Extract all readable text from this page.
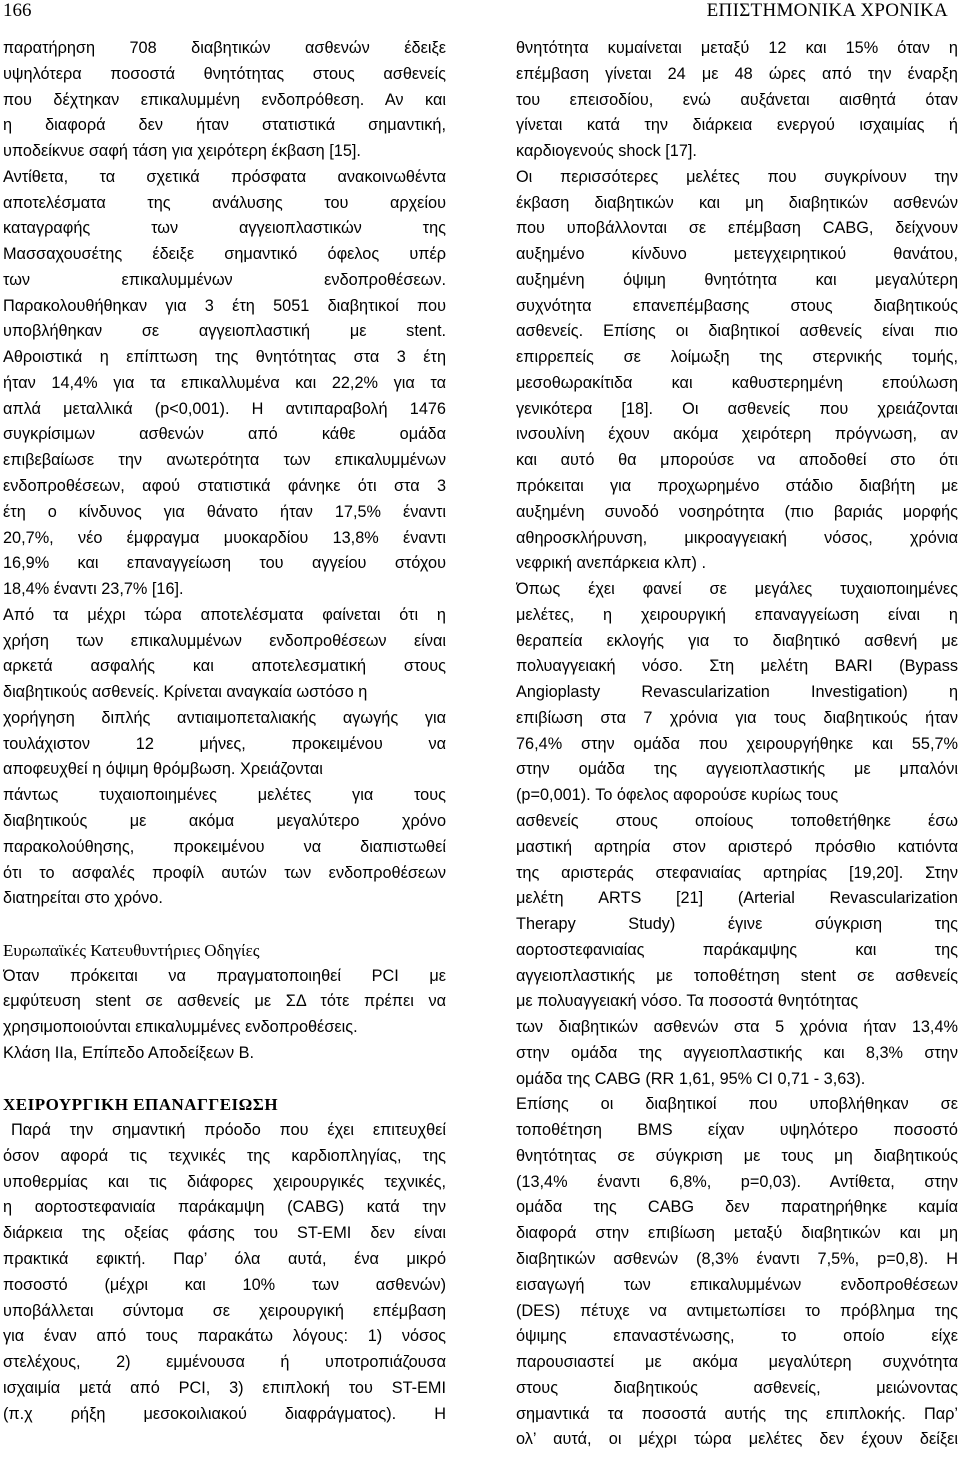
166	ΕΠΙΣΤΗΜΟΝΙΚΑ ΧΡΟΝΙΚΑ
παρατήρηση 708 διαβητικών ασθενών έδειξε
υψηλότερα ποσοστά θνητότητας στους ασθενείς
που δέχτηκαν επικαλυμμένη ενδοπρόθεση. Αν και
η διαφορά δεν ήταν στατιστικά σημαντική,
υποδείκνυε σαφή τάση για χειρότερη έκβαση [15].
Αντίθετα, τα σχετικά πρόσφατα ανακοινωθέντα
αποτελέσματα της ανάλυσης του αρχείου
καταγραφής των αγγειοπλαστικών της
Μασσαχουσέτης έδειξε σημαντικό όφελος υπέρ
των επικαλυμμένων ενδοπροθέσεων.
Παρακολουθήθηκαν για 3 έτη 5051 διαβητικοί που
υποβλήθηκαν σε αγγειοπλαστική με stent.
Αθροιστικά η επίπτωση της θνητότητας στα 3 έτη
ήταν 14,4% για τα επικαλλυμένα και 22,2% για τα
απλά μεταλλικά (p<0,001). Η αντιπαραβολή 1476
συγκρίσιμων ασθενών από κάθε ομάδα
επιβεβαίωσε την ανωτερότητα των επικαλυμμένων
ενδοπροθέσεων, αφού στατιστικά φάνηκε ότι στα 3
έτη ο κίνδυνος για θάνατο ήταν 17,5% έναντι
20,7%, νέο έμφραγμα μυοκαρδίου 13,8% έναντι
16,9% και επαναγγείωση του αγγείου στόχου
18,4% έναντι 23,7% [16].
Από τα μέχρι τώρα αποτελέσματα φαίνεται ότι η
χρήση των επικαλυμμένων ενδοπροθέσεων είναι
αρκετά ασφαλής και αποτελεσματική στους
διαβητικούς ασθενείς. Κρίνεται αναγκαία ωστόσο η
χορήγηση διπλής αντιαιμοπεταλιακής αγωγής για
τουλάχιστον 12 μήνες, προκειμένου να
αποφευχθεί η όψιμη θρόμβωση. Χρειάζονται
πάντως τυχαιοποιημένες μελέτες για τους
διαβητικούς με ακόμα μεγαλύτερο χρόνο
παρακολούθησης, προκειμένου να διαπιστωθεί
ότι το ασφαλές προφίλ αυτών των ενδοπροθέσεων
διατηρείται στο χρόνο.
Ευρωπαϊκές Κατευθυντήριες Οδηγίες
Όταν πρόκειται να πραγματοποιηθεί PCI με
εμφύτευση stent σε ασθενείς με ΣΔ τότε πρέπει να
χρησιμοποιούνται επικαλυμμένες ενδοπροθέσεις.
Κλάση IIa, Επίπεδο Αποδείξεων B.
ΧΕΙΡΟΥΡΓΙΚΗ ΕΠΑΝΑΓΓΕΙΩΣΗ
Παρά την σημαντική πρόοδο που έχει επιτευχθεί
όσον αφορά τις τεχνικές της καρδιοπληγίας, της
υποθερμίας και τις διάφορες χειρουργικές τεχνικές,
η αορτοστεφανιαία παράκαμψη (CABG) κατά την
διάρκεια της οξείας φάσης του ST-EMI δεν είναι
πρακτικά εφικτή. Παρ’ όλα αυτά, ένα μικρό
ποσοστό (μέχρι και 10% των ασθενών)
υποβάλλεται σύντομα σε χειρουργική επέμβαση
για έναν από τους παρακάτω λόγους: 1) νόσος
στελέχους, 2) εμμένουσα ή υποτροπιάζουσα
ισχαιμία μετά από PCI, 3) επιπλοκή του ST-EMI
(π.χ ρήξη μεσοκοιλιακού διαφράγματος). Η
θνητότητα κυμαίνεται μεταξύ 12 και 15% όταν η
επέμβαση γίνεται 24 με 48 ώρες από την έναρξη
του επεισοδίου, ενώ αυξάνεται αισθητά όταν
γίνεται κατά την διάρκεια ενεργού ισχαιμίας ή
καρδιογενούς shock [17].
Οι περισσότερες μελέτες που συγκρίνουν την
έκβαση διαβητικών και μη διαβητικών ασθενών
που υποβάλλονται σε επέμβαση CABG, δείχνουν
αυξημένο κίνδυνο μετεγχειρητικού θανάτου,
αυξημένη όψιμη θνητότητα και μεγαλύτερη
συχνότητα επανεπέμβασης στους διαβητικούς
ασθενείς. Επίσης οι διαβητικοί ασθενείς είναι πιο
επιρρεπείς σε λοίμωξη της στερνικής τομής,
μεσοθωρακίτιδα και καθυστερημένη επούλωση
γενικότερα [18]. Οι ασθενείς που χρειάζονται
ινσουλίνη έχουν ακόμα χειρότερη πρόγνωση, αν
και αυτό θα μπορούσε να αποδοθεί στο ότι
πρόκειται για προχωρημένο στάδιο διαβήτη με
αυξημένη συνοδό νοσηρότητα (πιο βαριάς μορφής
αθηροσκλήρυνση, μικροαγγειακή νόσος, χρόνια
νεφρική ανεπάρκεια κλπ) .
Όπως έχει φανεί σε μεγάλες τυχαιοποιημένες
μελέτες, η χειρουργική επαναγγείωση είναι η
θεραπεία εκλογής για το διαβητικό ασθενή με
πολυαγγειακή νόσο. Στη μελέτη BARI (Bypass
Angioplasty Revascularization Investigation) η
επιβίωση στα 7 χρόνια για τους διαβητικούς ήταν
76,4% στην ομάδα που χειρουργήθηκε και 55,7%
στην ομάδα της αγγειοπλαστικής με μπαλόνι
(p=0,001). Το όφελος αφορούσε κυρίως τους
ασθενείς στους οποίους τοποθετήθηκε έσω
μαστική αρτηρία στον αριστερό πρόσθιο κατιόντα
της αριστεράς στεφανιαίας αρτηρίας [19,20]. Στην
μελέτη ARTS [21] (Arterial Revascularization
Therapy Study) έγινε σύγκριση της
αορτοστεφανιαίας παράκαμψης και της
αγγειοπλαστικής με τοποθέτηση stent σε ασθενείς
με πολυαγγειακή νόσο. Τα ποσοστά θνητότητας
των διαβητικών ασθενών στα 5 χρόνια ήταν 13,4%
στην ομάδα της αγγειοπλαστικής και 8,3% στην
ομάδα της CABG (RR 1,61, 95% CI 0,71 - 3,63).
Επίσης οι διαβητικοί που υποβλήθηκαν σε
τοποθέτηση BMS είχαν υψηλότερο ποσοστό
θνητότητας σε σύγκριση με τους μη διαβητικούς
(13,4% έναντι 6,8%, p=0,03). Αντίθετα, στην
ομάδα της CABG δεν παρατηρήθηκε καμία
διαφορά στην επιβίωση μεταξύ διαβητικών και μη
διαβητικών ασθενών (8,3% έναντι 7,5%, p=0,8). Η
εισαγωγή των επικαλυμμένων ενδοπροθέσεων
(DES) πέτυχε να αντιμετωπίσει το πρόβλημα της
όψιμης επαναστένωσης, το οποίο είχε
παρουσιαστεί με ακόμα μεγαλύτερη συχνότητα
στους διαβητικούς ασθενείς, μειώνοντας
σημαντικά τα ποσοστά αυτής της επιπλοκής. Παρ’
ολ’ αυτά, οι μέχρι τώρα μελέτες δεν έχουν δείξει
